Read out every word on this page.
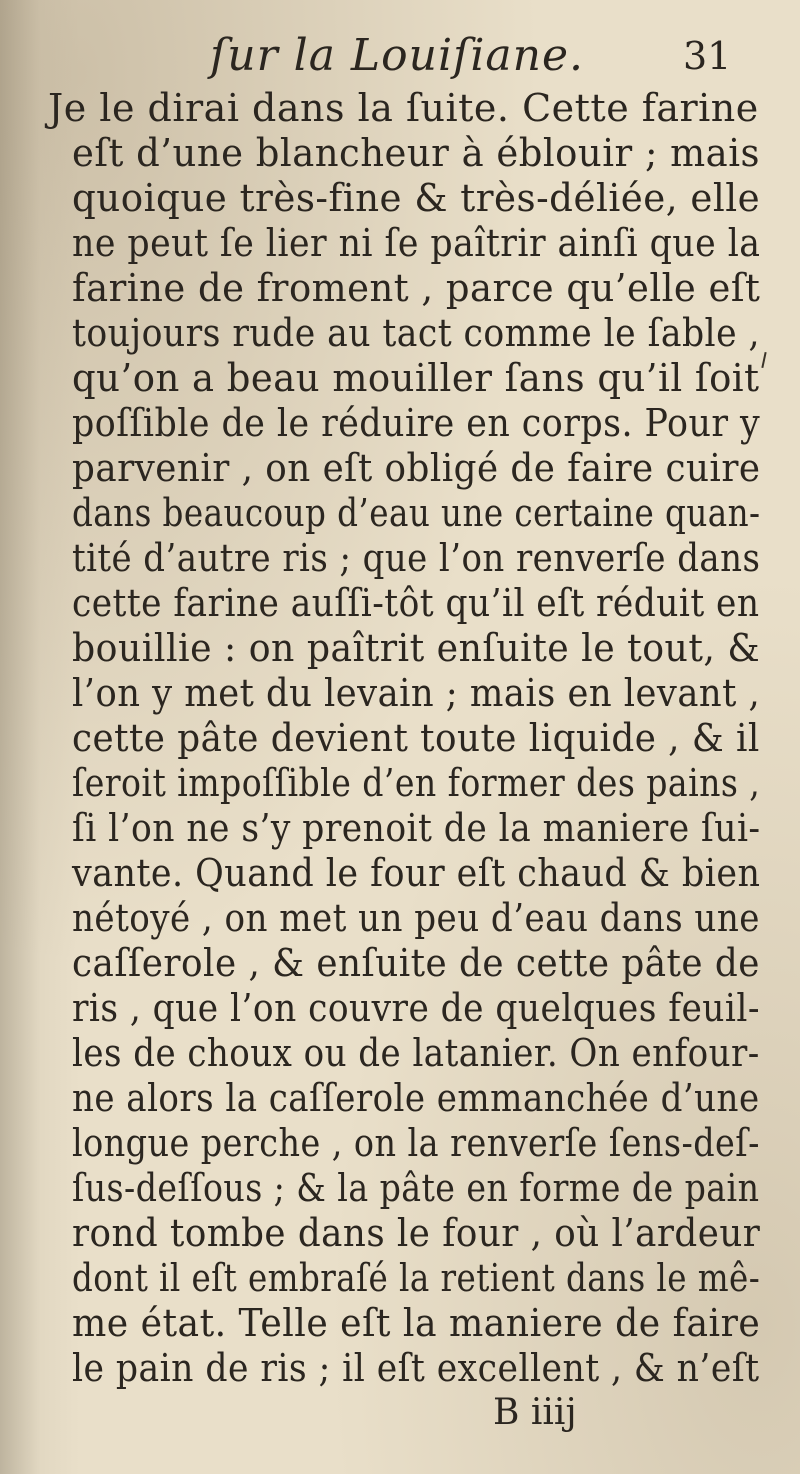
ſur la Louiſiane.	31
Je le dirai dans la ſuite. Cette farine
eſt d’une blancheur à éblouir ; mais
quoique très-fine & très-déliée, elle
ne peut ſe lier ni ſe paîtrir ainſi que la
farine de froment , parce qu’elle eſt
toujours rude au tact comme le ſable ,
qu’on a beau mouiller ſans qu’il ſoit
poſſible de le réduire en corps. Pour y
parvenir , on eſt obligé de faire cuire
dans beaucoup d’eau une certaine quan-
tité d’autre ris ; que l’on renverſe dans
cette farine auſſi-tôt qu’il eſt réduit en
bouillie : on paîtrit enſuite le tout, &
l’on y met du levain ; mais en levant ,
cette pâte devient toute liquide , & il
ſeroit impoſſible d’en former des pains ,
ſi l’on ne s’y prenoit de la maniere ſui-
vante. Quand le four eſt chaud & bien
nétoyé , on met un peu d’eau dans une
caſſerole , & enſuite de cette pâte de
ris , que l’on couvre de quelques feuil-
les de choux ou de latanier. On enfour-
ne alors la caſſerole emmanchée d’une
longue perche , on la renverſe ſens-deſ-
ſus-deſſous ; & la pâte en forme de pain
rond tombe dans le four , où l’ardeur
dont il eſt embraſé la retient dans le mê-
me état. Telle eſt la maniere de faire
le pain de ris ; il eſt excellent , & n’eſt
B iiij
